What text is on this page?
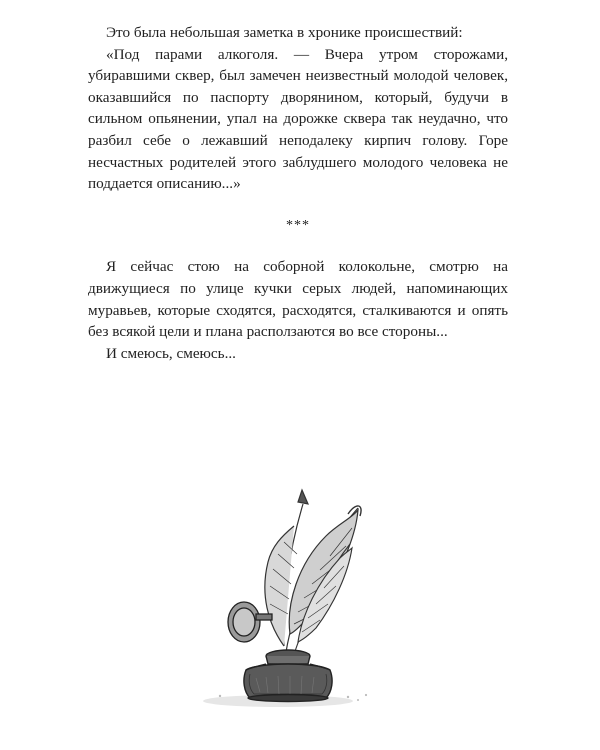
Это была небольшая заметка в хронике происшествий:

«Под парами алкоголя. — Вчера утром сторожами, убиравшими сквер, был замечен неизвестный молодой человек, оказавшийся по паспорту дворянином, который, будучи в сильном опьянении, упал на дорожке сквера так неудачно, что разбил себе о лежавший неподалеку кирпич голову. Горе несчастных родителей этого заблудшего молодого человека не поддается описанию...»

***

Я сейчас стою на соборной колокольне, смотрю на движущиеся по улице кучки серых людей, напоминающих муравьев, которые сходятся, расходятся, сталкиваются и опять без всякой цели и плана расползаются во все стороны...

И смеюсь, смеюсь...
